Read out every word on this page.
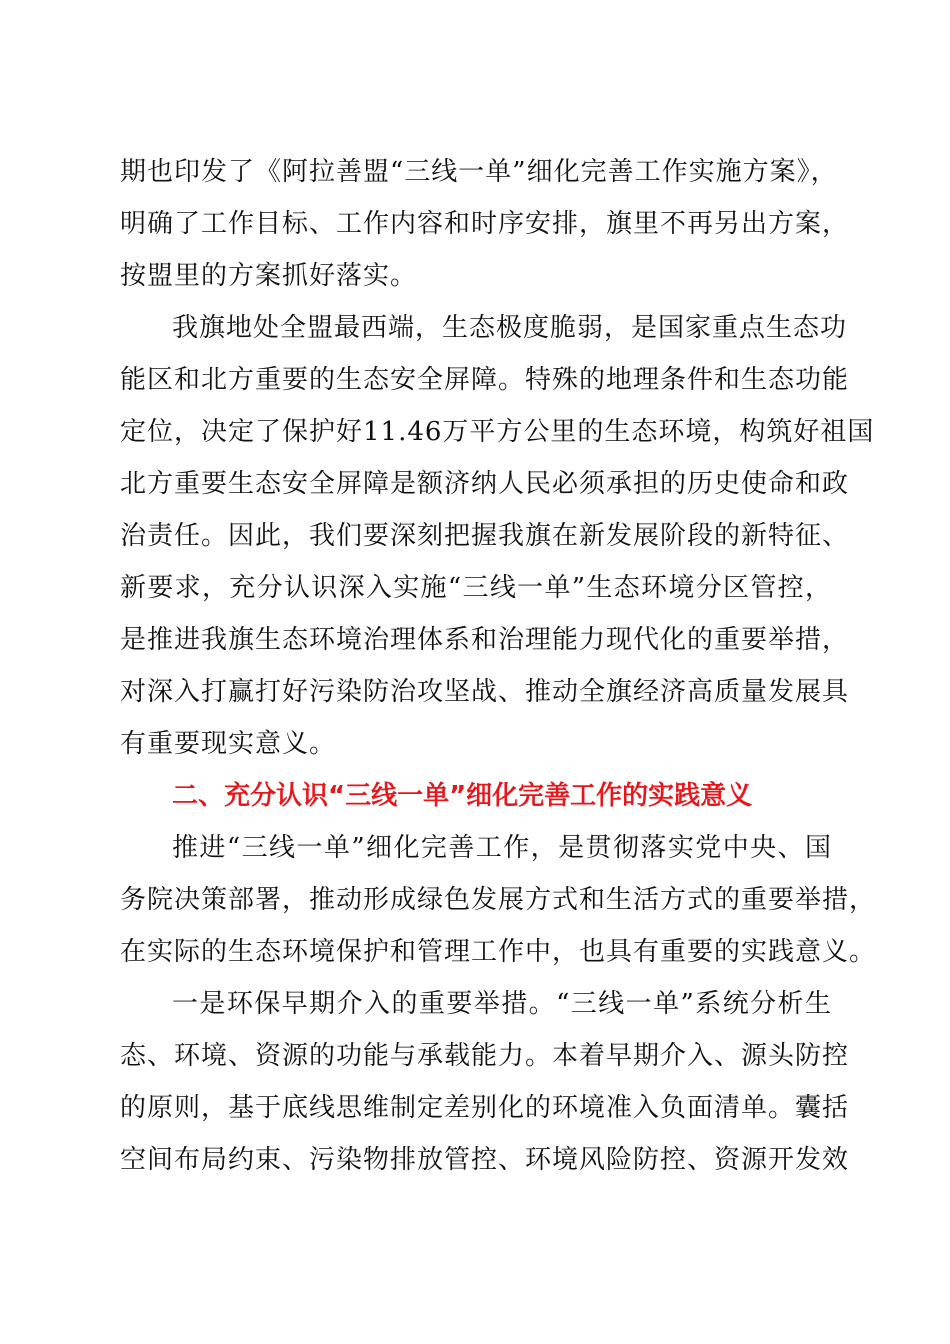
期也印发了《阿拉善盟“三线一单”细化完善工作实施方案》，
明确了工作目标、工作内容和时序安排，旗里不再另出方案，
按盟里的方案抓好落实。
我旗地处全盟最西端，生态极度脆弱，是国家重点生态功
能区和北方重要的生态安全屏障。特殊的地理条件和生态功能
定位，决定了保护好11.46万平方公里的生态环境，构筑好祖国
北方重要生态安全屏障是额济纳人民必须承担的历史使命和政
治责任。因此，我们要深刻把握我旗在新发展阶段的新特征、
新要求，充分认识深入实施“三线一单”生态环境分区管控，
是推进我旗生态环境治理体系和治理能力现代化的重要举措，
对深入打赢打好污染防治攻坚战、推动全旗经济高质量发展具
有重要现实意义。
二、充分认识“三线一单”细化完善工作的实践意义
推进“三线一单”细化完善工作，是贯彻落实党中央、国
务院决策部署，推动形成绿色发展方式和生活方式的重要举措，
在实际的生态环境保护和管理工作中，也具有重要的实践意义。
一是环保早期介入的重要举措。“三线一单”系统分析生
态、环境、资源的功能与承载能力。本着早期介入、源头防控
的原则，基于底线思维制定差别化的环境准入负面清单。囊括
空间布局约束、污染物排放管控、环境风险防控、资源开发效
